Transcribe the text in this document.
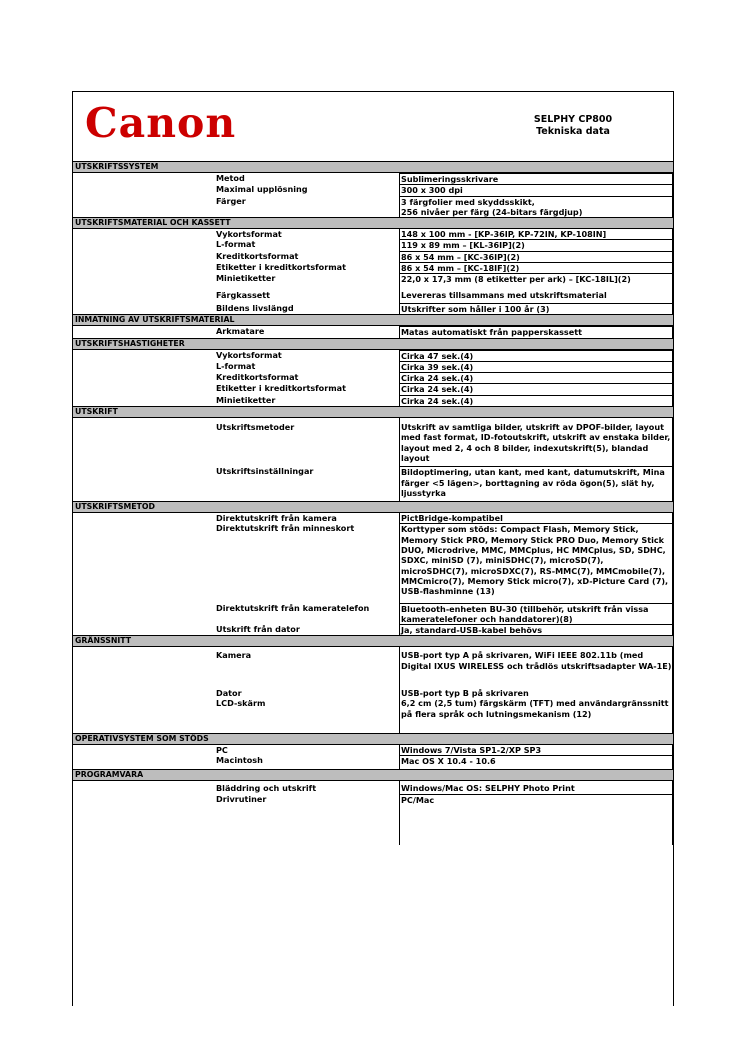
Canon	SELPHY CP800
Tekniska data
UTSKRIFTSSYSTEM
Metod	Sublimeringsskrivare
Maximal upplösning	300 x 300 dpi
Färger	3 färgfolier med skyddsskikt,
256 nivåer per färg (24-bitars färgdjup)
UTSKRIFTSMATERIAL OCH KASSETT
Vykortsformat	148 x 100 mm - [KP-36IP, KP-72IN, KP-108IN]
L-format	119 x 89 mm – [KL-36IP](2)
Kreditkortsformat	86 x 54 mm – [KC-36IP](2)
Etiketter i kreditkortsformat	86 x 54 mm – [KC-18IF](2)
Minietiketter	22,0 x 17,3 mm (8 etiketter per ark) – [KC-18IL](2)
Färgkassett	Levereras tillsammans med utskriftsmaterial
Bildens livslängd	Utskrifter som håller i 100 år (3)
INMATNING AV UTSKRIFTSMATERIAL
Arkmatare	Matas automatiskt från papperskassett
UTSKRIFTSHASTIGHETER
Vykortsformat	Cirka 47 sek.(4)
L-format	Cirka 39 sek.(4)
Kreditkortsformat	Cirka 24 sek.(4)
Etiketter i kreditkortsformat	Cirka 24 sek.(4)
Minietiketter	Cirka 24 sek.(4)
UTSKRIFT
Utskriftsmetoder	Utskrift av samtliga bilder, utskrift av DPOF-bilder, layout med fast format, ID-fotoutskrift, utskrift av enstaka bilder, layout med 2, 4 och 8 bilder, indexutskrift(5), blandad layout
Utskriftsinställningar	Bildoptimering, utan kant, med kant, datumutskrift, Mina färger <5 lägen>, borttagning av röda ögon(5), slät hy, ljusstyrka
UTSKRIFTSMETOD
Direktutskrift från kamera	PictBridge-kompatibel
Direktutskrift från minneskort	Korttyper som stöds: Compact Flash, Memory Stick, Memory Stick PRO, Memory Stick PRO Duo, Memory Stick DUO, Microdrive, MMC, MMCplus, HC MMCplus, SD, SDHC, SDXC, miniSD (7), miniSDHC(7), microSD(7), microSDHC(7), microSDXC(7), RS-MMC(7), MMCmobile(7), MMCmicro(7), Memory Stick micro(7), xD-Picture Card (7), USB-flashminne (13)
Direktutskrift från kameratelefon	Bluetooth-enheten BU-30 (tillbehör, utskrift från vissa kameratelefoner och handdatorer)(8)
Utskrift från dator	Ja, standard-USB-kabel behövs
GRÄNSSNITT
Kamera	USB-port typ A på skrivaren, WiFi IEEE 802.11b (med Digital IXUS WIRELESS och trådlös utskriftsadapter WA-1E)
Dator	USB-port typ B på skrivaren
LCD-skärm	6,2 cm (2,5 tum) färgskärm (TFT) med användargränssnitt på flera språk och lutningsmekanism (12)
OPERATIVSYSTEM SOM STÖDS
PC	Windows 7/Vista SP1-2/XP SP3
Macintosh	Mac OS X 10.4 - 10.6
PROGRAMVARA
Bläddring och utskrift	Windows/Mac OS: SELPHY Photo Print
Drivrutiner	PC/Mac
